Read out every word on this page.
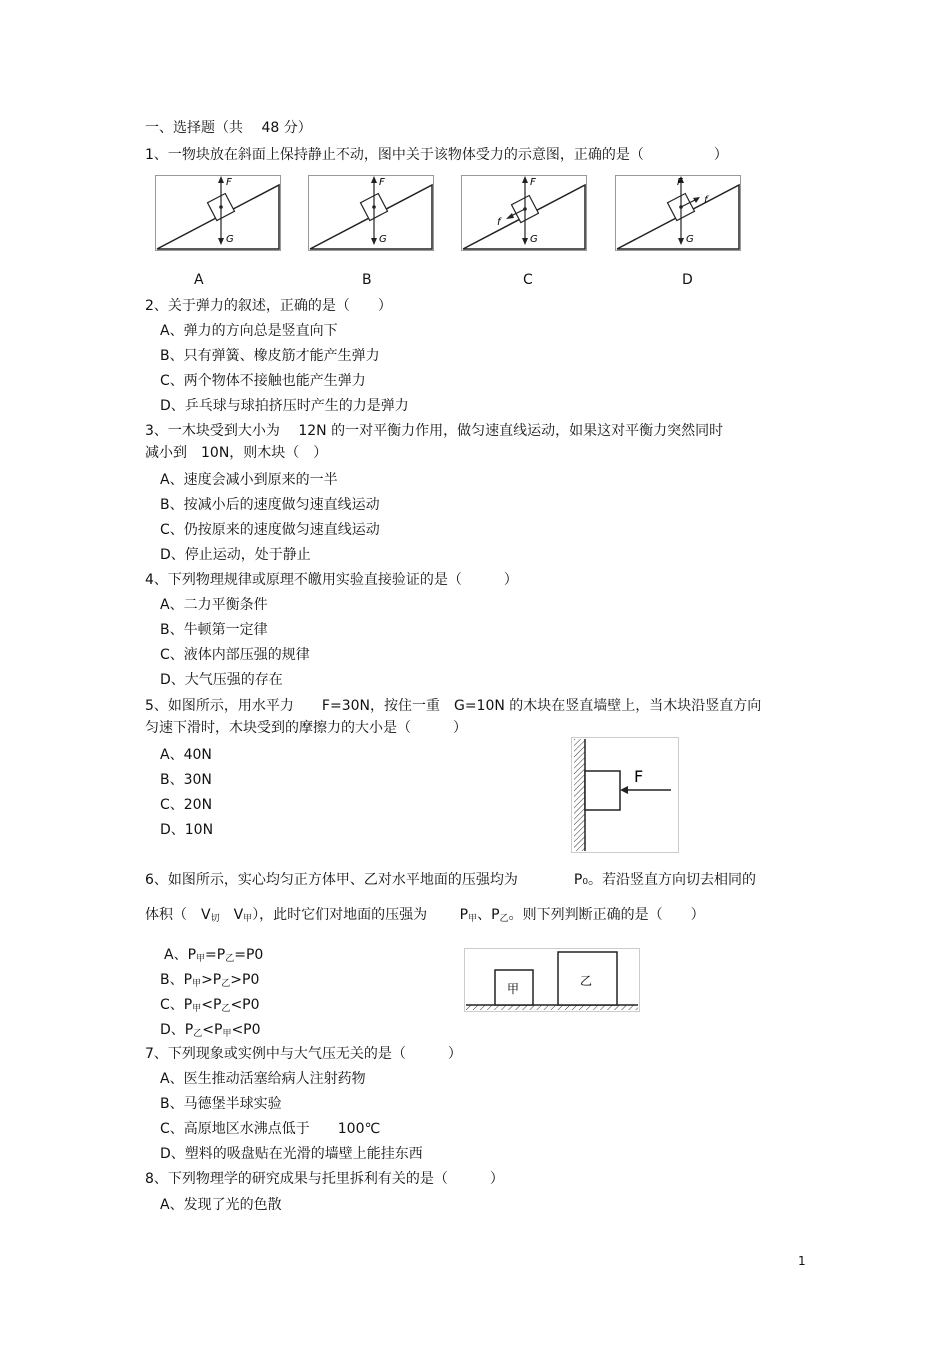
一、选择题（共　 48 分）
1、一物块放在斜面上保持静止不动，图中关于该物体受力的示意图，正确的是（　　　　　）
F
G
F
G
F
G
f
F
G
f
A	B	C	D
2、关于弹力的叙述，正确的是（　　）
A、弹力的方向总是竖直向下
B、只有弹簧、橡皮筋才能产生弹力
C、两个物体不接触也能产生弹力
D、乒乓球与球拍挤压时产生的力是弹力
3、一木块受到大小为　 12N 的一对平衡力作用，做匀速直线运动，如果这对平衡力突然同时
减小到　10N，则木块（　）
A、速度会减小到原来的一半
B、按减小后的速度做匀速直线运动
C、仍按原来的速度做匀速直线运动
D、停止运动，处于静止
4、下列物理规律或原理不皦用实验直接验证的是（　　　）
A、二力平衡条件
B、牛顿第一定律
C、液体内部压强的规律
D、大气压强的存在
5、如图所示，用水平力　　F=30N，按住一重　G=10N 的木块在竖直墙壁上，当木块沿竖直方向
匀速下滑时，木块受到的摩擦力的大小是（　　　）
A、40N
B、30N
C、20N
D、10N
F
6、如图所示，实心均匀正方体甲、乙对水平地面的压强均为　　　　P₀。若沿竖直方向切去相同的
体积（　$V_切$　$V_甲$），此时它们对地面的压强为　　 $P_甲$、$P_乙$。则下列判断正确的是（　　）
A、$P_甲=P_乙=P0$
B、$P_甲>P_乙>P0$
C、$P_甲<P_乙<P0$
D、$P_乙<P_甲<P0$
甲
乙
7、下列现象或实例中与大气压无关的是（　　　）
A、医生推动活塞给病人注射药物
B、马德堡半球实验
C、高原地区水沸点低于　　100℃
D、塑料的吸盘贴在光滑的墙壁上能挂东西
8、下列物理学的研究成果与托里拆利有关的是（　　　）
A、发现了光的色散
1
